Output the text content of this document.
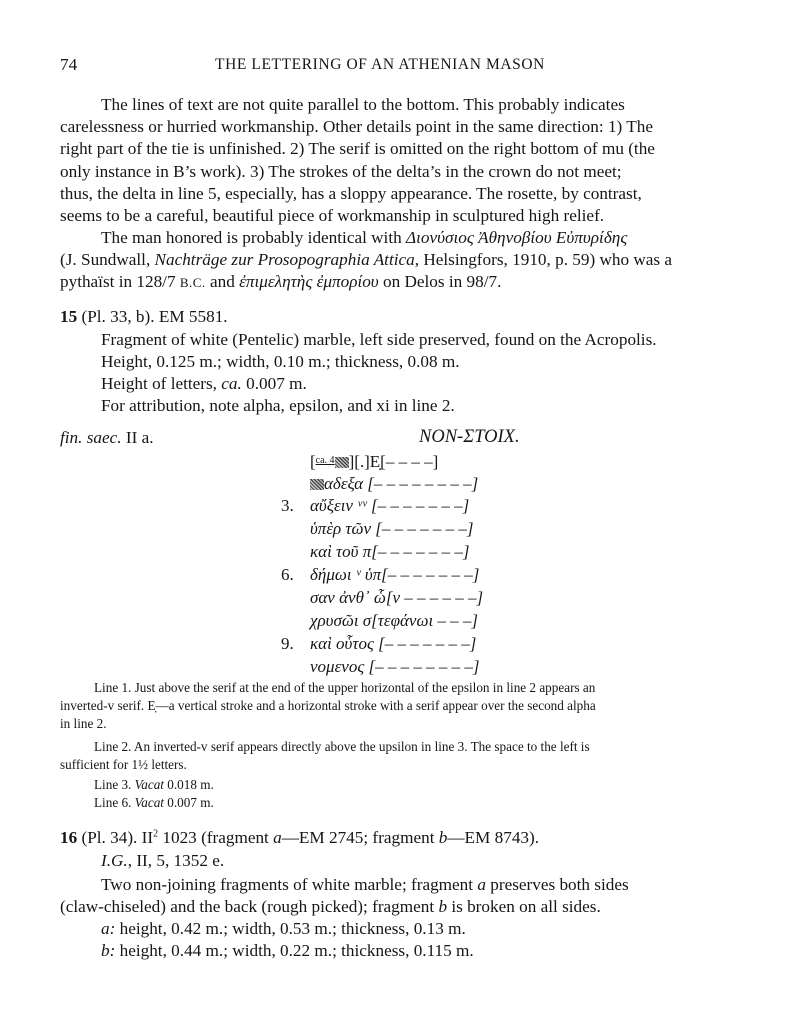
74	THE LETTERING OF AN ATHENIAN MASON
The lines of text are not quite parallel to the bottom. This probably indicates
carelessness or hurried workmanship. Other details point in the same direction: 1) The
right part of the tie is unfinished. 2) The serif is omitted on the right bottom of mu (the
only instance in B’s work). 3) The strokes of the delta’s in the crown do not meet;
thus, the delta in line 5, especially, has a sloppy appearance. The rosette, by contrast,
seems to be a careful, beautiful piece of workmanship in sculptured high relief.
The man honored is probably identical with Διονύσιος Ἀθηνοβίου Εὐπυρίδης
(J. Sundwall, Nachträge zur Prosopographia Attica, Helsingfors, 1910, p. 59) who was a
pythaïst in 128/7 B.C. and ἐπιμελητὴς ἐμπορίου on Delos in 98/7.
15 (Pl. 33, b). EM 5581.
Fragment of white (Pentelic) marble, left side preserved, found on the Acropolis.
Height, 0.125 m.; width, 0.10 m.; thickness, 0.08 m.
Height of letters, ca. 0.007 m.
For attribution, note alpha, epsilon, and xi in line 2.
fin. saec. II a.	NON-ΣΤΟΙΧ.
[$^{ca. 4}$ ][.]Ε̣[– – – –]
αδεξα [– – – – – – – –]
3. αὔξειν ᵛᵛ [– – – – – – –]
ὑπὲρ τῶν [– – – – – – –]
καὶ τοῦ π[– – – – – – –]
6. δήμωι ᵛ ὑπ[– – – – – – –]
σαν ἀνθ᾽ ὧ[ν – – – – – –]
χρυσῶι σ[τεφάνωι – – –]
9. καὶ οὗτος [– – – – – – –]
νομενος [– – – – – – – –]
Line 1. Just above the serif at the end of the upper horizontal of the epsilon in line 2 appears an
inverted-v serif. Ε̣—a vertical stroke and a horizontal stroke with a serif appear over the second alpha
in line 2.
Line 2. An inverted-v serif appears directly above the upsilon in line 3. The space to the left is
sufficient for 1½ letters.
Line 3. Vacat 0.018 m.
Line 6. Vacat 0.007 m.
16 (Pl. 34). $II^2$ 1023 (fragment a—EM 2745; fragment b—EM 8743).
I.G., II, 5, 1352 e.
Two non-joining fragments of white marble; fragment a preserves both sides
(claw-chiseled) and the back (rough picked); fragment b is broken on all sides.
a: height, 0.42 m.; width, 0.53 m.; thickness, 0.13 m.
b: height, 0.44 m.; width, 0.22 m.; thickness, 0.115 m.
